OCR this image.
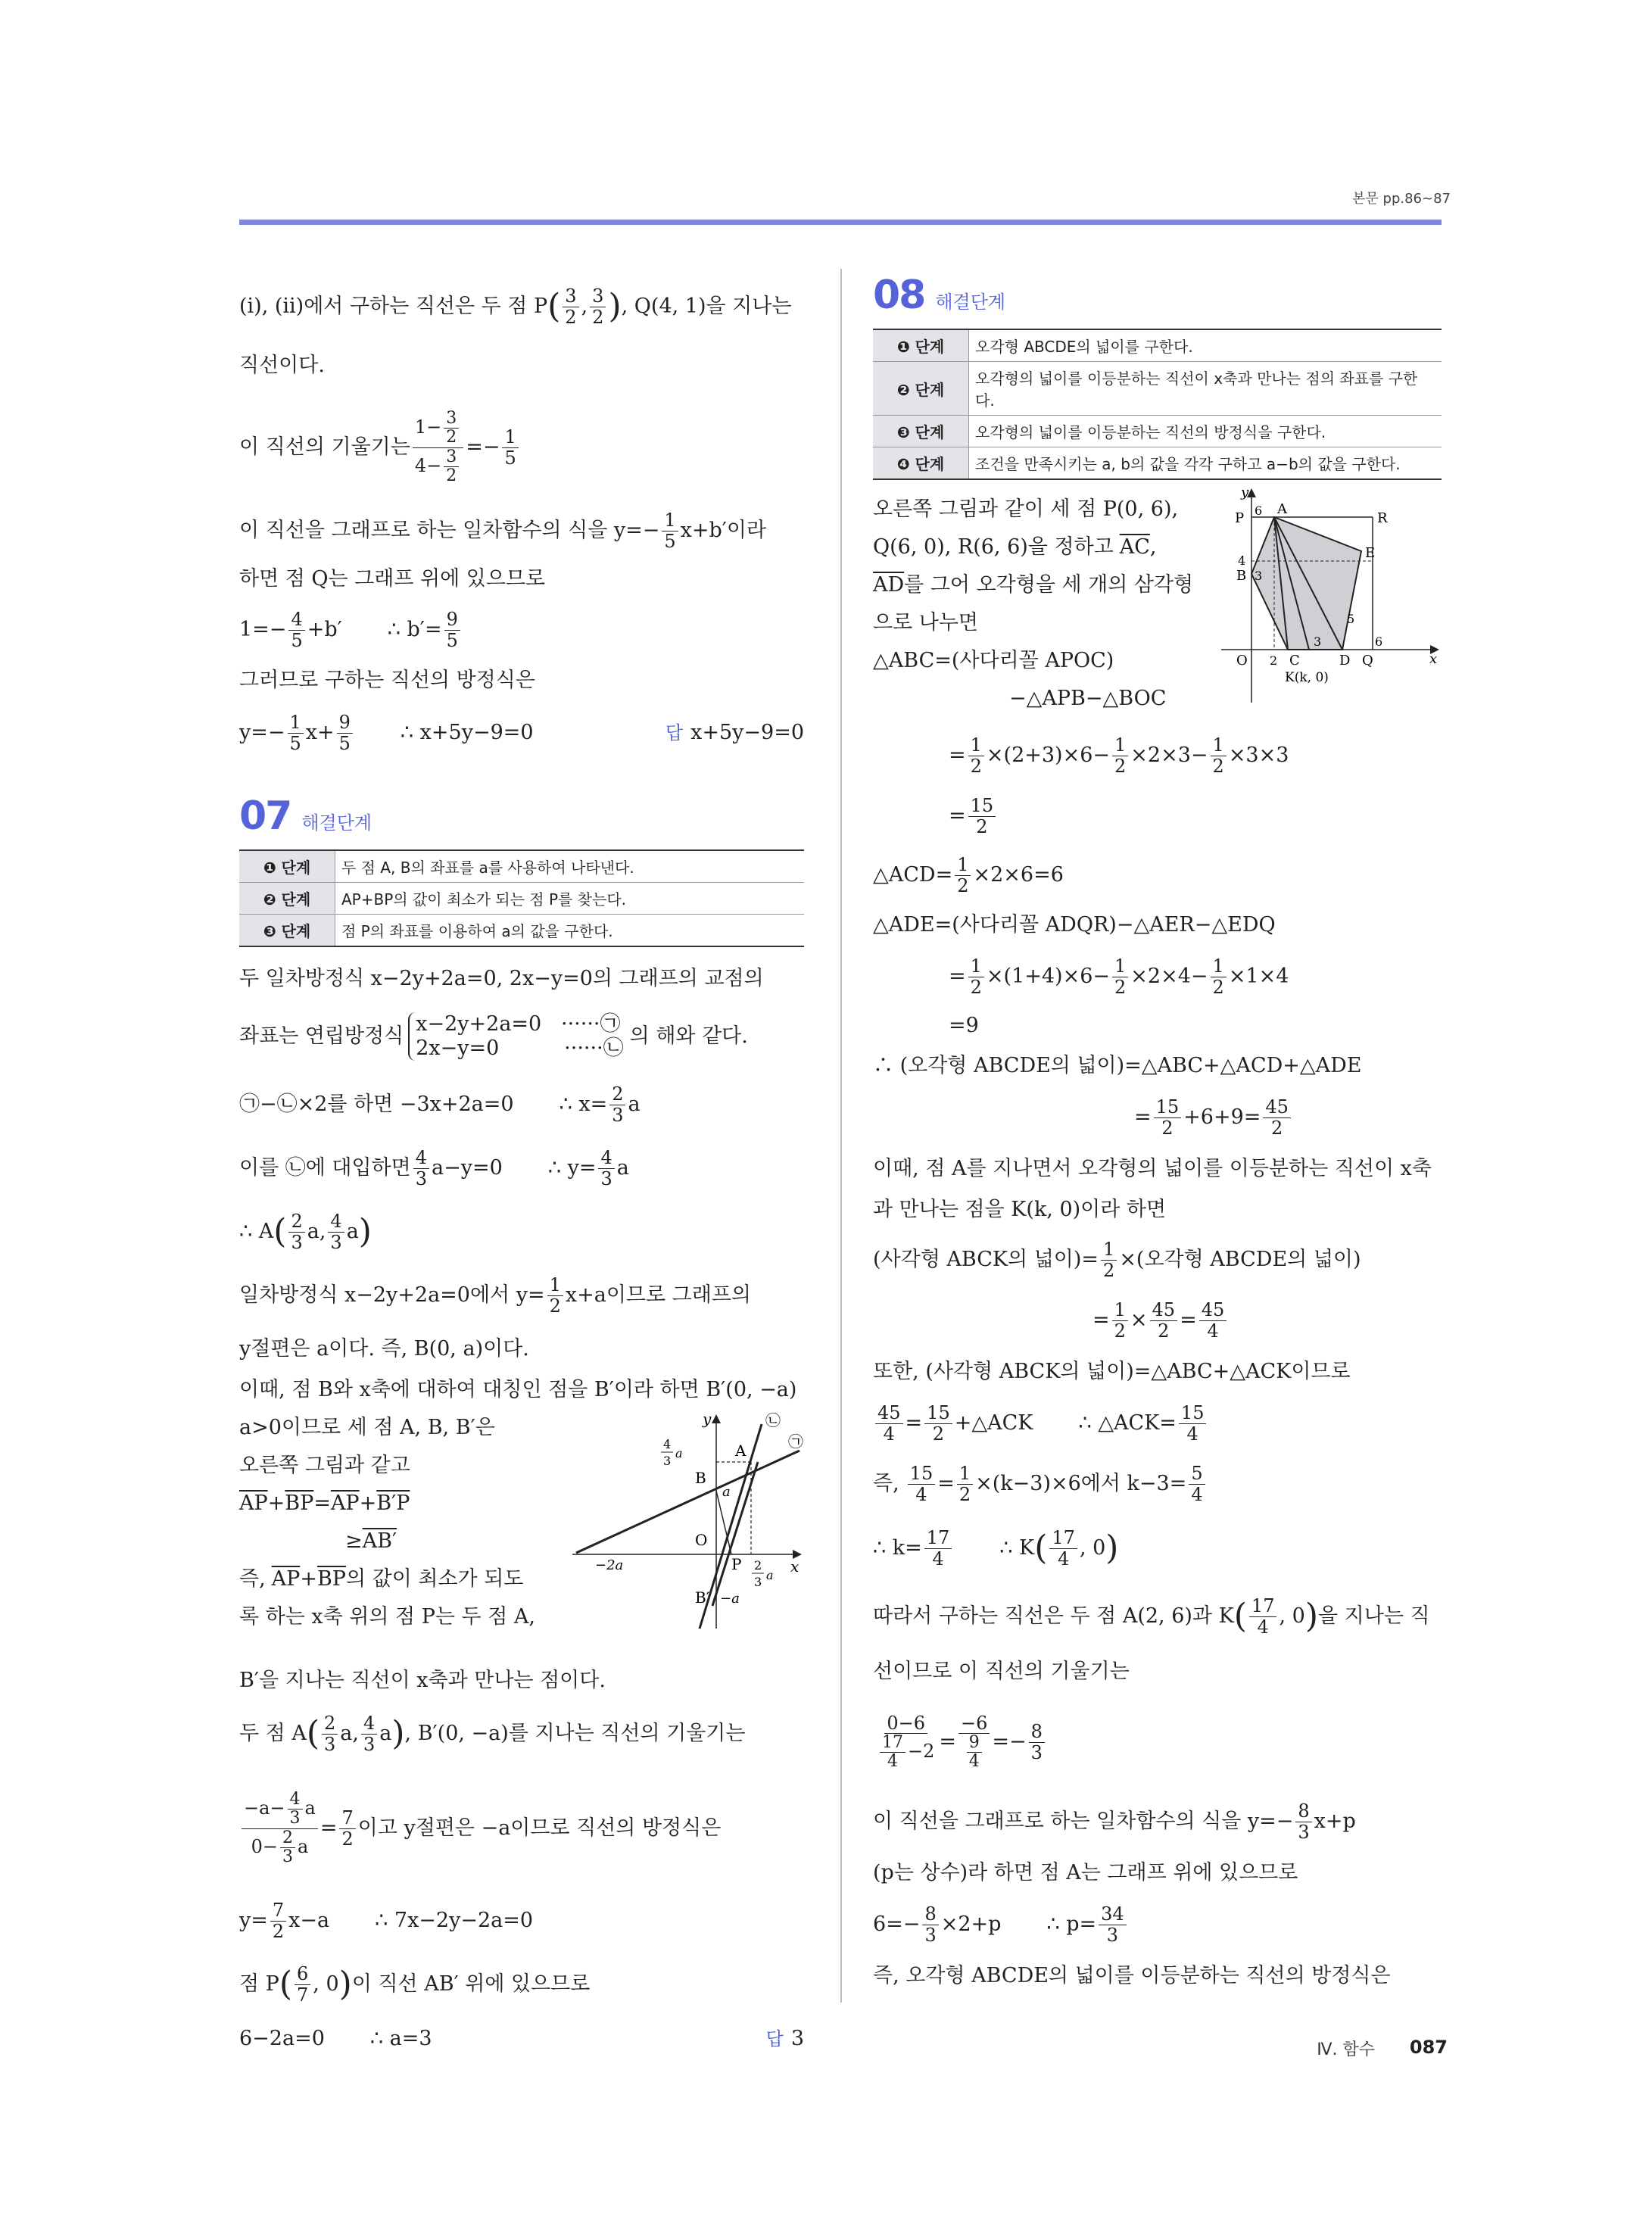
본문 pp.86~87
(ⅰ), (ⅱ)에서 구하는 직선은 두 점 P ( $\frac{3}{2}$ , $\frac{3}{2}$ ) , Q(4, 1)을 지나는
직선이다.
이 직선의 기울기는 $\frac{1- \frac{3}{2}}{4- \frac{3}{2}} =- \frac{1}{5}$
이 직선을 그래프로 하는 일차함수의 식을 $y=- \frac{1}{5} x+b'$이라
하면 점 Q는 그래프 위에 있으므로
$1=- \frac{4}{5} +b'$ ∴ $b'= \frac{9}{5}$
그러므로 구하는 직선의 방정식은
$y=- \frac{1}{5} x+ \frac{9}{5}$ ∴ x+5y−9=0	답 x+5y−9=0
07 해결단계
❶ 단계	두 점 A, B의 좌표를 a를 사용하여 나타낸다.
❷ 단계	AP+BP의 값이 최소가 되는 점 P를 찾는다.
❸ 단계	점 P의 좌표를 이용하여 a의 값을 구한다.
두 일차방정식 x−2y+2a=0, 2x−y=0의 그래프의 교점의
좌표는 연립방정식
x−2y+2a=0 ······㉠
2x−y=0	······㉡
의 해와 같다.
㉠−㉡×2를 하면 −3x+2a=0 ∴ $x= \frac{2}{3}$ a
이를 ㉡에 대입하면 $\frac{4}{3} a-y=0$ ∴ $y= \frac{4}{3}$ a
∴ A ( $\frac{2}{3} a$, $\frac{4}{3}$ a )
일차방정식 x−2y+2a=0에서 $y= \frac{1}{2} x+a$이므로 그래프의
y절편은 a이다. 즉, B(0, a)이다.
이때, 점 B와 x축에 대하여 대칭인 점을 B′이라 하면 B′(0, −a)
a>0이므로 세 점 A, B, B′은
오른쪽 그림과 같고
$\overline{AP} + \overline{BP} = \overline{AP} + B'P$
≥ AB′
즉, $\overline{AP} + \overline{BP}$ 의 값이 최소가 되도
록 하는 x축 위의 점 P는 두 점 A,
y
x
㉡
㉠
A
B
a
O
P
B′ −a
−2a
4
3
a
2
3 a
B′을 지나는 직선이 x축과 만나는 점이다.
두 점 A ( $\frac{2}{3} a$, $\frac{4}{3}$ a ) , B′(0, −a)를 지나는 직선의 기울기는
$\frac{-a- \frac{4}{3} a}{0- \frac{2}{3} a} = \frac{7}{2}$ 이고 y절편은 −a이므로 직선의 방정식은
$y= \frac{7}{2} x-a$ ∴ 7x−2y−2a=0
점 P ( $\frac{6}{7}$ , 0 ) 이 직선 AB′ 위에 있으므로
6−2a=0 ∴ a=3	답 3
08 해결단계
❶ 단계	오각형 ABCDE의 넓이를 구한다.
❷ 단계	오각형의 넓이를 이등분하는 직선이 x축과 만나는 점의 좌표를 구한다.
❸ 단계	오각형의 넓이를 이등분하는 직선의 방정식을 구한다.
❹ 단계	조건을 만족시키는 a, b의 값을 각각 구하고 a−b의 값을 구한다.
오른쪽 그림과 같이 세 점 P(0, 6),
Q(6, 0), R(6, 6)을 정하고 $\overline{AC}$ ,
$\overline{AD}$ 를 그어 오각형을 세 개의 삼각형
으로 나누면
△ABC=(사다리꼴 APOC)
−△APB−△BOC
y
x
P 6 A
R
E
4
B 3
5
3	6
O 2 C	D Q
K(k, 0)
= $\frac{1}{2} \times(2+3)\times 6- \frac{1}{2} \times 2\times 3- \frac{1}{2} \times 3\times 3$
= $\frac{15}{2}$
△ACD= $\frac{1}{2} \times 2\times 6=6$
△ADE=(사다리꼴 ADQR)−△AER−△EDQ
= $\frac{1}{2} \times(1+4)\times 6- \frac{1}{2} \times 2\times 4- \frac{1}{2} \times 1\times 4$
=9
∴ (오각형 ABCDE의 넓이)=△ABC+△ACD+△ADE
= $\frac{15}{2} +6+9= \frac{45}{2}$
이때, 점 A를 지나면서 오각형의 넓이를 이등분하는 직선이 x축
과 만나는 점을 K(k, 0)이라 하면
(사각형 ABCK의 넓이)= $\frac{1}{2}$ ×(오각형 ABCDE의 넓이)
= $\frac{1}{2} \times \frac{45}{2} = \frac{45}{4}$
또한, (사각형 ABCK의 넓이)=△ABC+△ACK이므로
$\frac{45}{4} = \frac{15}{2}$ +△ACK ∴ △ACK= $\frac{15}{4}$
즉, $\frac{15}{4} = \frac{1}{2} \times(k-3)\times 6$에서 $k-3= \frac{5}{4}$
∴ $k= \frac{17}{4}$ ∴ K ( $\frac{17}{4}$ , 0 )
따라서 구하는 직선은 두 점 A(2, 6)과 K ( $\frac{17}{4}$ , 0 ) 을 지나는 직
선이므로 이 직선의 기울기는
$\frac{0-6}{\frac{17}{4} -2} = \frac{-6}{\frac{9}{4}} =- \frac{8}{3}$
이 직선을 그래프로 하는 일차함수의 식을 $y=- \frac{8}{3} x+p$
(p는 상수)라 하면 점 A는 그래프 위에 있으므로
$6=- \frac{8}{3} \times 2+p$ ∴ $p= \frac{34}{3}$
즉, 오각형 ABCDE의 넓이를 이등분하는 직선의 방정식은
Ⅳ. 함수 087
